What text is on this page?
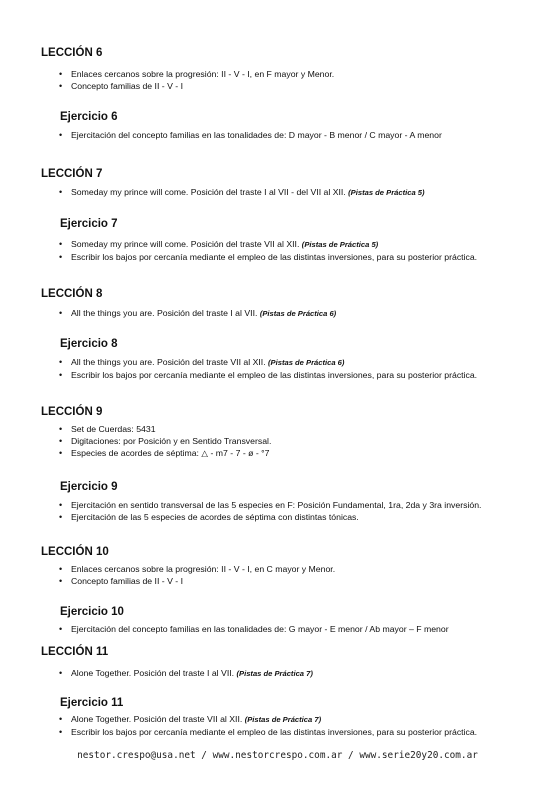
LECCIÓN 6
• Enlaces cercanos sobre la progresión: II - V - I, en F mayor y Menor.
• Concepto familias de II - V - I
Ejercicio 6
• Ejercitación del concepto familias en las tonalidades de: D mayor - B menor / C mayor - A menor
LECCIÓN 7
• Someday my prince will come. Posición del traste I al VII - del VII al XII. (Pistas de Práctica 5)
Ejercicio 7
• Someday my prince will come. Posición del traste VII al XII. (Pistas de Práctica 5)
• Escribir los bajos por cercanía mediante el empleo de las distintas inversiones, para su posterior práctica.
LECCIÓN 8
• All the things you are. Posición del traste I al VII. (Pistas de Práctica 6)
Ejercicio 8
• All the things you are. Posición del traste VII al XII. (Pistas de Práctica 6)
• Escribir los bajos por cercanía mediante el empleo de las distintas inversiones, para su posterior práctica.
LECCIÓN 9
• Set de Cuerdas: 5431
• Digitaciones: por Posición y en Sentido Transversal.
• Especies de acordes de séptima: △ - m7 - 7 - ø - °7
Ejercicio 9
• Ejercitación en sentido transversal de las 5 especies en F: Posición Fundamental, 1ra, 2da y 3ra inversión.
• Ejercitación de las 5 especies de acordes de séptima con distintas tónicas.
LECCIÓN 10
• Enlaces cercanos sobre la progresión: II - V - I, en C mayor y Menor.
• Concepto familias de II - V - I
Ejercicio 10
• Ejercitación del concepto familias en las tonalidades de: G mayor - E menor / Ab mayor – F menor
LECCIÓN 11
• Alone Together. Posición del traste I al VII. (Pistas de Práctica 7)
Ejercicio 11
• Alone Together. Posición del traste VII al XII. (Pistas de Práctica 7)
• Escribir los bajos por cercanía mediante el empleo de las distintas inversiones, para su posterior práctica.
nestor.crespo@usa.net / www.nestorcrespo.com.ar / www.serie20y20.com.ar
